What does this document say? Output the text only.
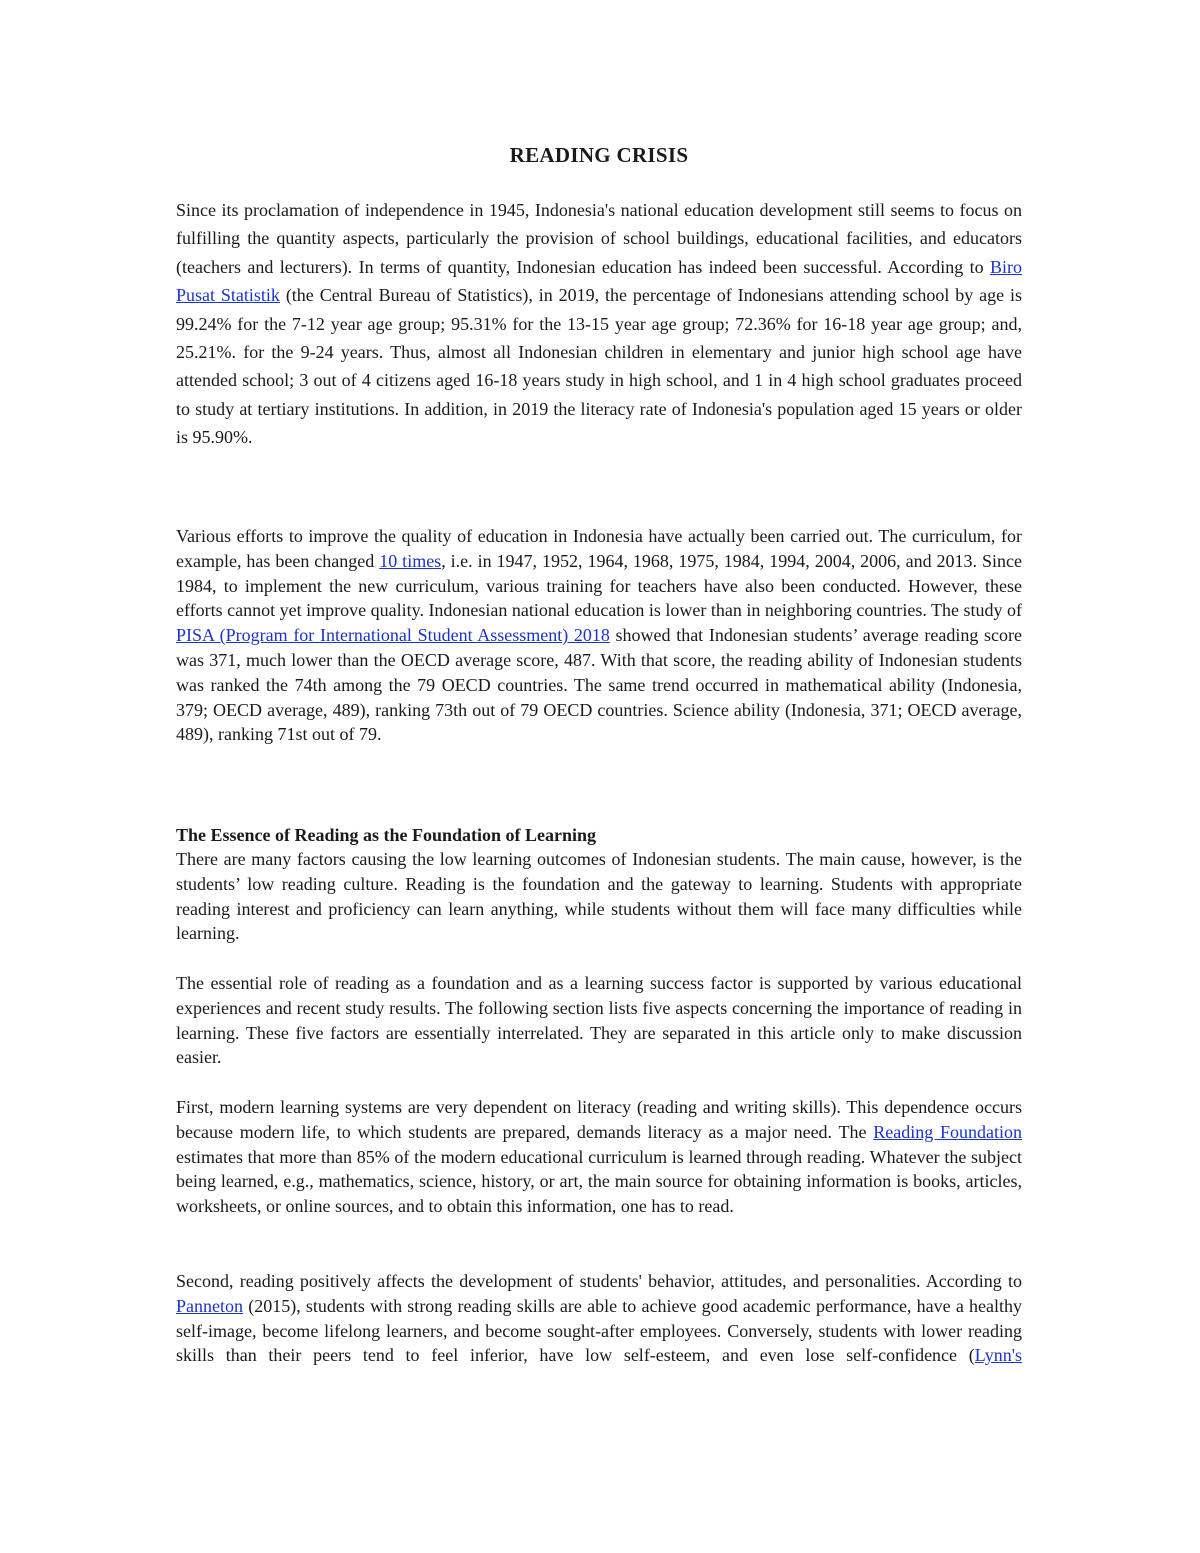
READING CRISIS

Since its proclamation of independence in 1945, Indonesia's national education development still seems to focus on fulfilling the quantity aspects, particularly the provision of school buildings, educational facilities, and educators (teachers and lecturers). In terms of quantity, Indonesian education has indeed been successful. According to Biro Pusat Statistik (the Central Bureau of Statistics), in 2019, the percentage of Indonesians attending school by age is 99.24% for the 7-12 year age group; 95.31% for the 13-15 year age group; 72.36% for 16-18 year age group; and, 25.21%. for the 9-24 years. Thus, almost all Indonesian children in elementary and junior high school age have attended school; 3 out of 4 citizens aged 16-18 years study in high school, and 1 in 4 high school graduates proceed to study at tertiary institutions. In addition, in 2019 the literacy rate of Indonesia's population aged 15 years or older is 95.90%.

Various efforts to improve the quality of education in Indonesia have actually been carried out. The curriculum, for example, has been changed 10 times, i.e. in 1947, 1952, 1964, 1968, 1975, 1984, 1994, 2004, 2006, and 2013. Since 1984, to implement the new curriculum, various training for teachers have also been conducted. However, these efforts cannot yet improve quality. Indonesian national education is lower than in neighboring countries. The study of PISA (Program for International Student Assessment) 2018 showed that Indonesian students’ average reading score was 371, much lower than the OECD average score, 487. With that score, the reading ability of Indonesian students was ranked the 74th among the 79 OECD countries. The same trend occurred in mathematical ability (Indonesia, 379; OECD average, 489), ranking 73th out of 79 OECD countries. Science ability (Indonesia, 371; OECD average, 489), ranking 71st out of 79.

The Essence of Reading as the Foundation of Learning

There are many factors causing the low learning outcomes of Indonesian students. The main cause, however, is the students’ low reading culture. Reading is the foundation and the gateway to learning. Students with appropriate reading interest and proficiency can learn anything, while students without them will face many difficulties while learning.

The essential role of reading as a foundation and as a learning success factor is supported by various educational experiences and recent study results. The following section lists five aspects concerning the importance of reading in learning. These five factors are essentially interrelated. They are separated in this article only to make discussion easier.

First, modern learning systems are very dependent on literacy (reading and writing skills). This dependence occurs because modern life, to which students are prepared, demands literacy as a major need. The Reading Foundation estimates that more than 85% of the modern educational curriculum is learned through reading. Whatever the subject being learned, e.g., mathematics, science, history, or art, the main source for obtaining information is books, articles, worksheets, or online sources, and to obtain this information, one has to read.

Second, reading positively affects the development of students' behavior, attitudes, and personalities. According to Panneton (2015), students with strong reading skills are able to achieve good academic performance, have a healthy self-image, become lifelong learners, and become sought-after employees. Conversely, students with lower reading skills than their peers tend to feel inferior, have low self-esteem, and even lose self-confidence (Lynn's
